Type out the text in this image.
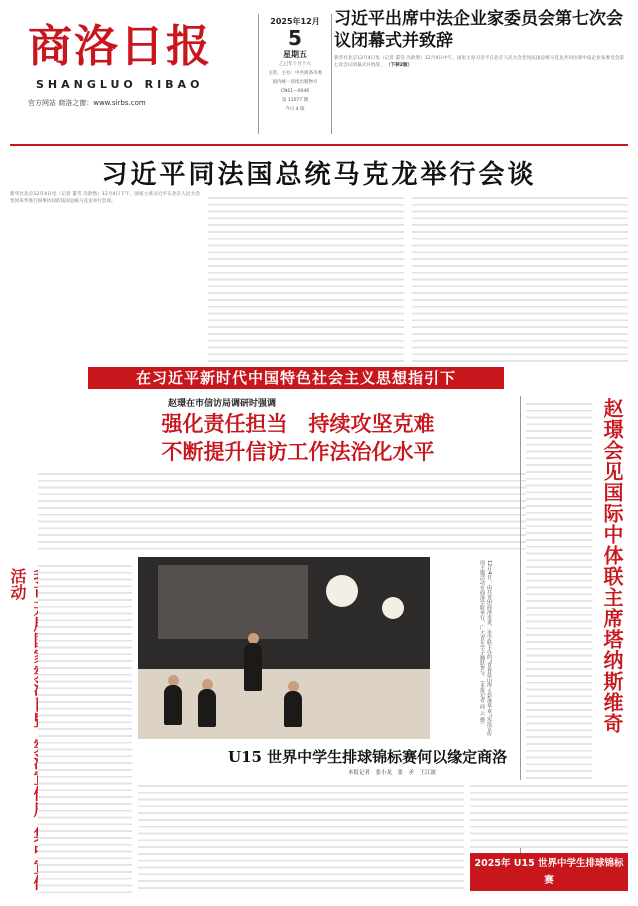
商洛日报
SHANGLUO RIBAO
官方网站 商洛之窗：www.sirbs.com
2025年12月
5
星期五
乙巳年十月十六
主管、主办：中共商洛市委
国内统一连续出版物号
CN61—0046
第 11077 期
今日 4 版
习近平出席中法企业家委员会第七次会议闭幕式并致辞
新华社北京12月4日电（记者 董雪 冯歆然）12月4日中午，国家主席习近平在北京人民大会堂同法国总统马克龙共同出席中法企业家委员会第七次会议闭幕式并致辞。 （下转2版）
习近平同法国总统马克龙举行会谈
新华社北京12月4日电（记者 董雪 冯歆然）12月4日下午，国家主席习近平在北京人民大会堂同来华进行国事访问的法国总统马克龙举行会谈。
在习近平新时代中国特色社会主义思想指引下
赵璟在市信访局调研时强调
强化责任担当　持续攻坚克难
不断提升信访工作法治化水平	赵璟会见国际中体联主席塔纳斯维奇
活动	12月4日，由共青团商洛市委、市学联主办的“青春赴山海·五彩谱华章”宪法宣传周主题活动在商洛学院举行，广大青年学子踊跃参与。（本报记者 商 云 摄）
U15 世界中学生排球锦标赛何以缘定商洛
本报记者　张小龙　张　矛　王江波
2025年 U15 世界中学生排球锦标赛
12月4日至13日在商洛举行
